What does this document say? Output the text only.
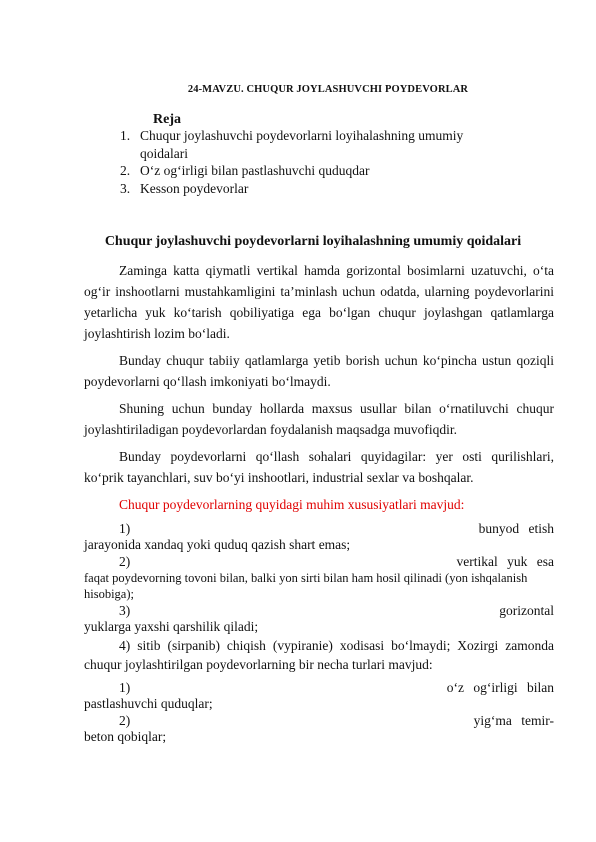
24-MAVZU. CHUQUR JOYLASHUVCHI POYDEVORLAR
Reja
1. Chuqur joylashuvchi poydevorlarni loyihalashning umumiy qoidalari
2. O‘z og‘irligi bilan pastlashuvchi quduqdar
3. Kesson poydevorlar
Chuqur joylashuvchi poydevorlarni loyihalashning umumiy qoidalari

Zaminga katta qiymatli vertikal hamda gorizontal bosimlarni uzatuvchi, o‘ta og‘ir inshootlarni mustahkamligini ta’minlash uchun odatda, ularning poydevorlarini yetarlicha yuk ko‘tarish qobiliyatiga ega bo‘lgan chuqur joylashgan qatlamlarga joylashtirish lozim bo‘ladi.

Bunday chuqur tabiiy qatlamlarga yetib borish uchun ko‘pincha ustun qoziqli poydevorlarni qo‘llash imkoniyati bo‘lmaydi.

Shuning uchun bunday hollarda maxsus usullar bilan o‘rnatiluvchi chuqur joylashtiriladigan poydevorlardan foydalanish maqsadga muvofiqdir.

Bunday poydevorlarni qo‘llash sohalari quyidagilar: yer osti qurilishlari, ko‘prik tayanchlari, suv bo‘yi inshootlari, industrial sexlar va boshqalar.

Chuqur poydevorlarning quyidagi muhim xususiyatlari mavjud:

1)	bunyod etish
jarayonida xandaq yoki quduq qazish shart emas;
2)	vertikal yuk esa
faqat poydevorning tovoni bilan, balki yon sirti bilan ham hosil qilinadi (yon ishqalanish hisobiga);
3)	gorizontal
yuklarga yaxshi qarshilik qiladi;

4) sitib (sirpanib) chiqish (vypiranie) xodisasi bo‘lmaydi; Xozirgi zamonda chuqur joylashtirilgan poydevorlarning bir necha turlari mavjud:

1)	o‘z og‘irligi bilan
pastlashuvchi quduqlar;
2)	yig‘ma temir-
beton qobiqlar;
